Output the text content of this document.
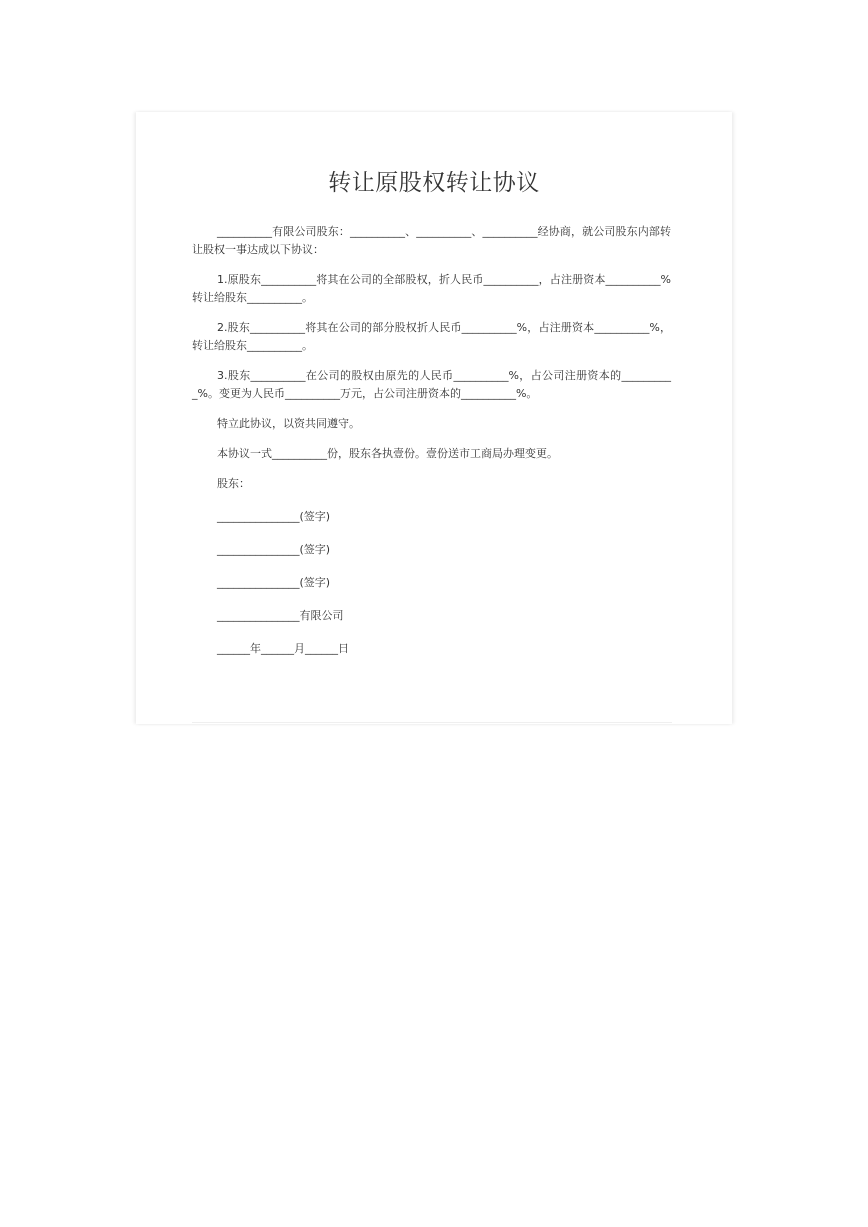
转让原股权转让协议

__________有限公司股东：__________、__________、__________经协商，就公司股东内部转让股权一事达成以下协议：

1.原股东__________将其在公司的全部股权，折人民币__________，占注册资本__________%转让给股东__________。

2.股东__________将其在公司的部分股权折人民币__________%，占注册资本__________%，转让给股东__________。

3.股东__________在公司的股权由原先的人民币__________%，占公司注册资本的__________%。变更为人民币__________万元，占公司注册资本的__________%。

特立此协议，以资共同遵守。

本协议一式__________份，股东各执壹份。壹份送市工商局办理变更。

股东：

_______________(签字)

_______________(签字)

_______________(签字)

_______________有限公司

______年______月______日
